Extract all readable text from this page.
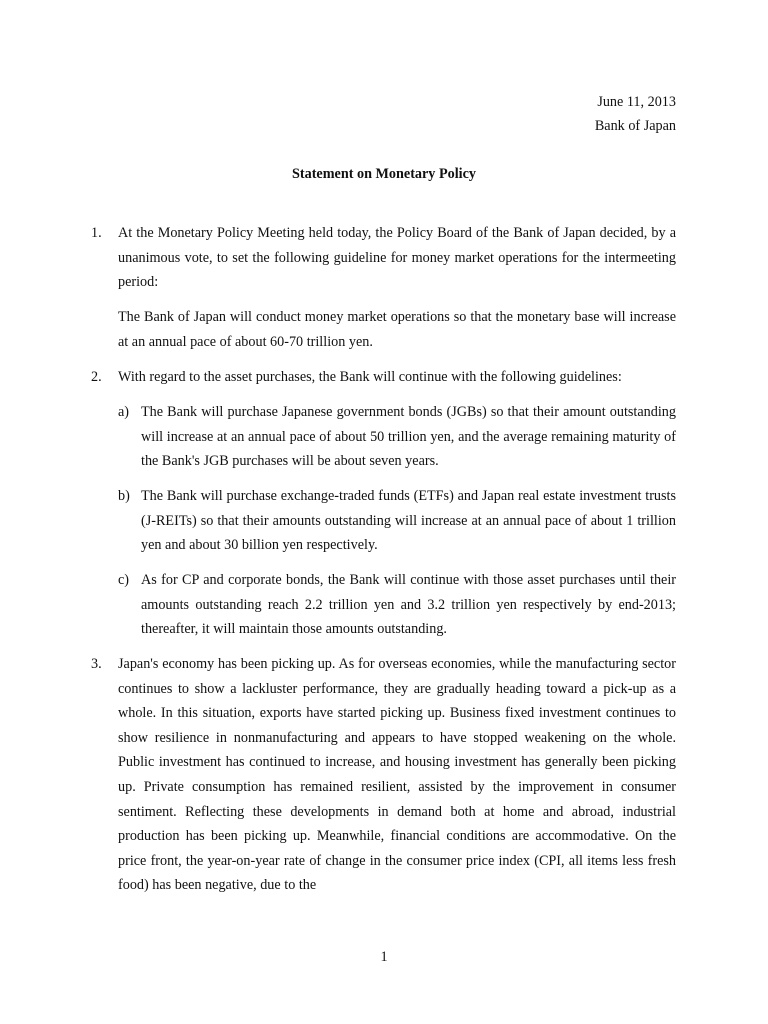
June 11, 2013
Bank of Japan
Statement on Monetary Policy
1. At the Monetary Policy Meeting held today, the Policy Board of the Bank of Japan decided, by a unanimous vote, to set the following guideline for money market operations for the intermeeting period:
The Bank of Japan will conduct money market operations so that the monetary base will increase at an annual pace of about 60-70 trillion yen.
2. With regard to the asset purchases, the Bank will continue with the following guidelines:
a) The Bank will purchase Japanese government bonds (JGBs) so that their amount outstanding will increase at an annual pace of about 50 trillion yen, and the average remaining maturity of the Bank's JGB purchases will be about seven years.
b) The Bank will purchase exchange-traded funds (ETFs) and Japan real estate investment trusts (J-REITs) so that their amounts outstanding will increase at an annual pace of about 1 trillion yen and about 30 billion yen respectively.
c) As for CP and corporate bonds, the Bank will continue with those asset purchases until their amounts outstanding reach 2.2 trillion yen and 3.2 trillion yen respectively by end-2013; thereafter, it will maintain those amounts outstanding.
3. Japan's economy has been picking up. As for overseas economies, while the manufacturing sector continues to show a lackluster performance, they are gradually heading toward a pick-up as a whole. In this situation, exports have started picking up. Business fixed investment continues to show resilience in nonmanufacturing and appears to have stopped weakening on the whole. Public investment has continued to increase, and housing investment has generally been picking up. Private consumption has remained resilient, assisted by the improvement in consumer sentiment. Reflecting these developments in demand both at home and abroad, industrial production has been picking up. Meanwhile, financial conditions are accommodative. On the price front, the year-on-year rate of change in the consumer price index (CPI, all items less fresh food) has been negative, due to the
1
